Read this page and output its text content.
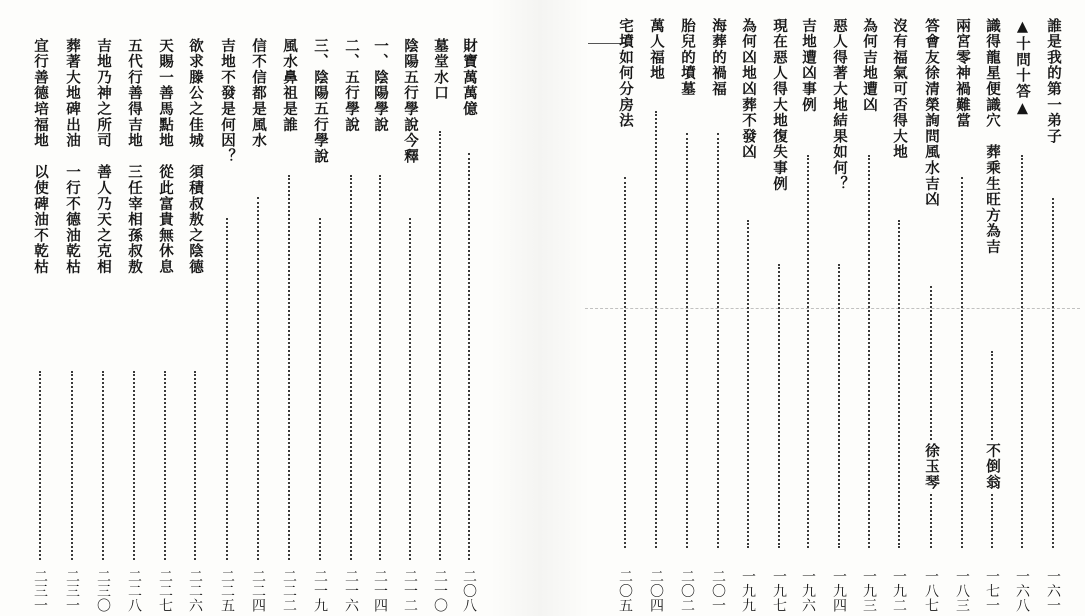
誰是我的第一弟子
一六一
▲十問十答▲
一六八
識得龍星便識穴　葬乘生旺方為吉
一七一
兩宮零神禍難當
一八三
答會友徐清榮詢問風水吉凶
一八七
沒有福氣可否得大地
一九二
為何吉地遭凶
一九三
惡人得著大地結果如何？
一九四
吉地遭凶事例
一九六
現在惡人得大地復失事例
一九七
為何凶地凶葬不發凶
一九九
海葬的禍福
二〇一
胎兒的墳墓
二〇二
萬人福地
二〇四
宅墳如何分房法
二〇五
財寶萬萬億
二〇八
墓堂水口
二一〇
陰陽五行學說今釋
二一二
一、陰陽學說
二一四
二、五行學說
二一六
三、陰陽五行學說
二一九
風水鼻祖是誰
二二二
信不信都是風水
二二四
吉地不發是何因？
二二五
欲求滕公之佳城　須積叔敖之陰德
二二六
天賜一善馬點地　從此富貴無休息
二二七
五代行善得吉地　三任宰相孫叔敖
二二八
吉地乃神之所司　善人乃天之克相
二三〇
葬著大地碑出油　一行不德油乾枯
二三一
宜行善德培福地　以使碑油不乾枯
二三一
不倒翁
徐玉琴
